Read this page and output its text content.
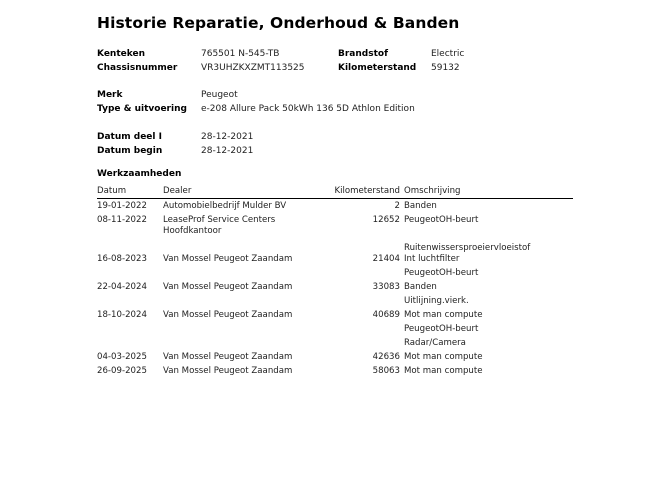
Historie Reparatie, Onderhoud & Banden
Kenteken	765501 N-545-TB
Chassisnummer	VR3UHZKXZMT113525
Brandstof	Electric
Kilometerstand 59132
Merk	Peugeot
Type & uitvoering e-208 Allure Pack 50kWh 136 5D Athlon Edition
Datum deel I	28-12-2021
Datum begin	28-12-2021
Werkzaamheden
Datum	Dealer	Kilometerstand Omschrijving
19-01-2022 Automobielbedrijf Mulder BV	2 Banden
08-11-2022 LeaseProf Service Centers
Hoofdkantoor
12652 PeugeotOH-beurt
Ruitenwissersproeiervloeistof
16-08-2023 Van Mossel Peugeot Zaandam	21404 Int luchtfilter
PeugeotOH-beurt
22-04-2024 Van Mossel Peugeot Zaandam	33083 Banden
Uitlijning.vierk.
18-10-2024 Van Mossel Peugeot Zaandam	40689 Mot man compute
PeugeotOH-beurt
Radar/Camera
04-03-2025 Van Mossel Peugeot Zaandam	42636 Mot man compute
26-09-2025 Van Mossel Peugeot Zaandam	58063 Mot man compute
